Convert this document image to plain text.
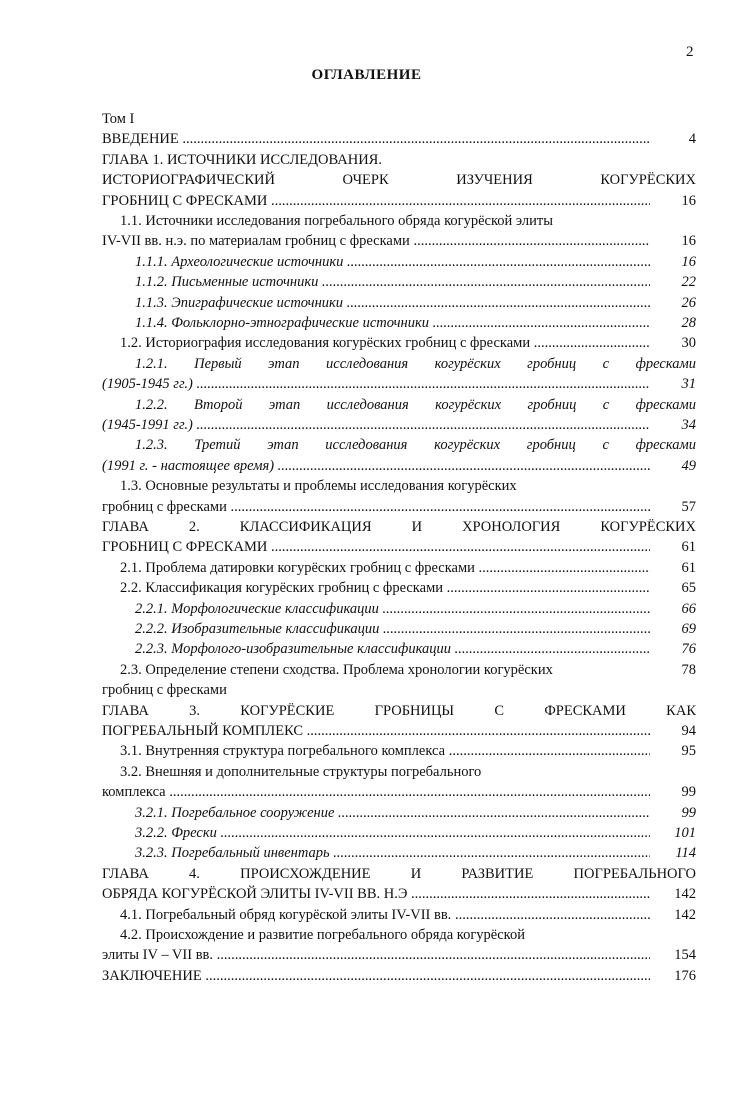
2
ОГЛАВЛЕНИЕ
Том I
ВВЕДЕНИЕ .....	4
ГЛАВА 1. ИСТОЧНИКИ ИССЛЕДОВАНИЯ.
ИСТОРИОГРАФИЧЕСКИЙ ОЧЕРК ИЗУЧЕНИЯ КОГУРЁСКИХ
ГРОБНИЦ С ФРЕСКАМИ .....	16
1.1. Источники исследования погребального обряда когурёской элиты
IV-VII вв. н.э. по материалам гробниц с фресками .....	16
1.1.1. Археологические источники .....	16
1.1.2. Письменные источники .....	22
1.1.3. Эпиграфические источники .....	26
1.1.4. Фольклорно-этнографические источники .....	28
1.2. Историография исследования когурёских гробниц с фресками .....	30
1.2.1. Первый этап исследования когурёских гробниц с фресками
(1905-1945 гг.) .....	31
1.2.2. Второй этап исследования когурёских гробниц с фресками
(1945-1991 гг.) .....	34
1.2.3. Третий этап исследования когурёских гробниц с фресками
(1991 г. - настоящее время) .....	49
1.3. Основные результаты и проблемы исследования когурёских
гробниц с фресками .....	57
ГЛАВА 2. КЛАССИФИКАЦИЯ И ХРОНОЛОГИЯ КОГУРЁСКИХ
ГРОБНИЦ С ФРЕСКАМИ .....	61
2.1. Проблема датировки когурёских гробниц с фресками .....	61
2.2. Классификация когурёских гробниц с фресками .....	65
2.2.1. Морфологические классификации .....	66
2.2.2. Изобразительные классификации .....	69
2.2.3. Морфолого-изобразительные классификации .....	76
2.3. Определение степени сходства. Проблема хронологии когурёских	78
гробниц с фресками
ГЛАВА 3. КОГУРЁСКИЕ ГРОБНИЦЫ С ФРЕСКАМИ КАК
ПОГРЕБАЛЬНЫЙ КОМПЛЕКС .....	94
3.1. Внутренняя структура погребального комплекса .....	95
3.2. Внешняя и дополнительные структуры погребального
комплекса .....	99
3.2.1. Погребальное сооружение .....	99
3.2.2. Фрески .....	101
3.2.3. Погребальный инвентарь .....	114
ГЛАВА 4. ПРОИСХОЖДЕНИЕ И РАЗВИТИЕ ПОГРЕБАЛЬНОГО
ОБРЯДА КОГУРЁСКОЙ ЭЛИТЫ IV-VII ВВ. Н.Э .....	142
4.1. Погребальный обряд когурёской элиты IV-VII вв. .....	142
4.2. Происхождение и развитие погребального обряда когурёской
элиты IV – VII вв. .....	154
ЗАКЛЮЧЕНИЕ .....	176
